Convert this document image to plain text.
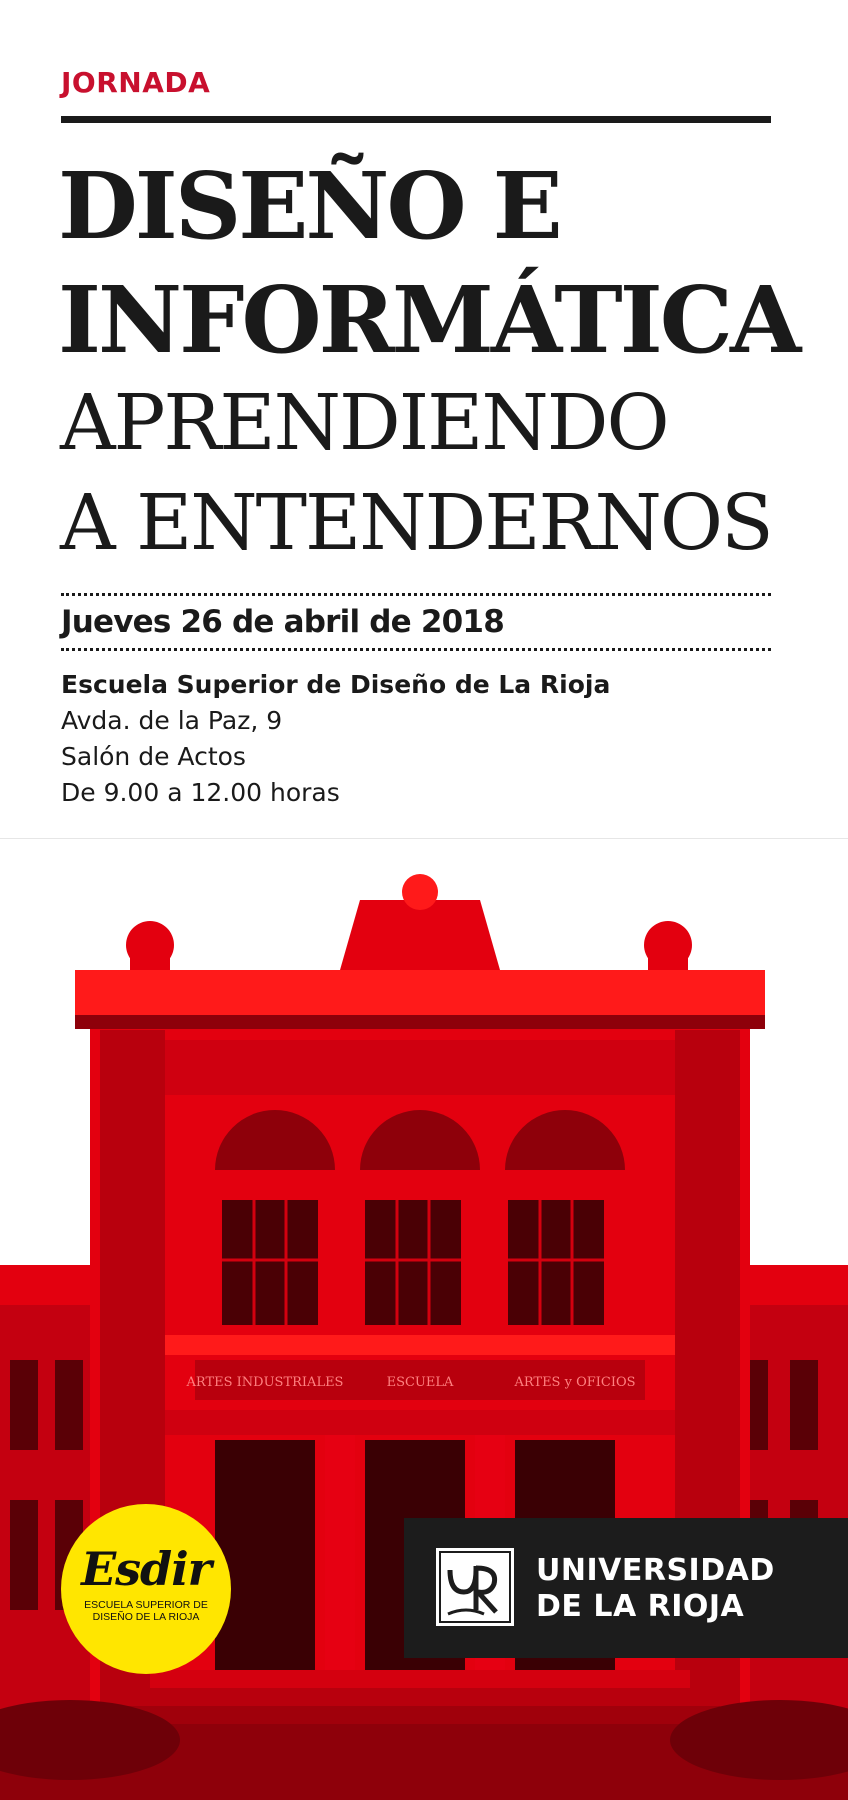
JORNADA
DISEÑO E
INFORMÁTICA
APRENDIENDO
A ENTENDERNOS
Jueves 26 de abril de 2018
Escuela Superior de Diseño de La Rioja
Avda. de la Paz, 9
Salón de Actos
De 9.00 a 12.00 horas
ARTES INDUSTRIALES	ESCUELA	ARTES y OFICIOS
Esdir
ESCUELA SUPERIOR DE
DISEÑO DE LA RIOJA
UNIVERSIDAD
DE LA RIOJA
